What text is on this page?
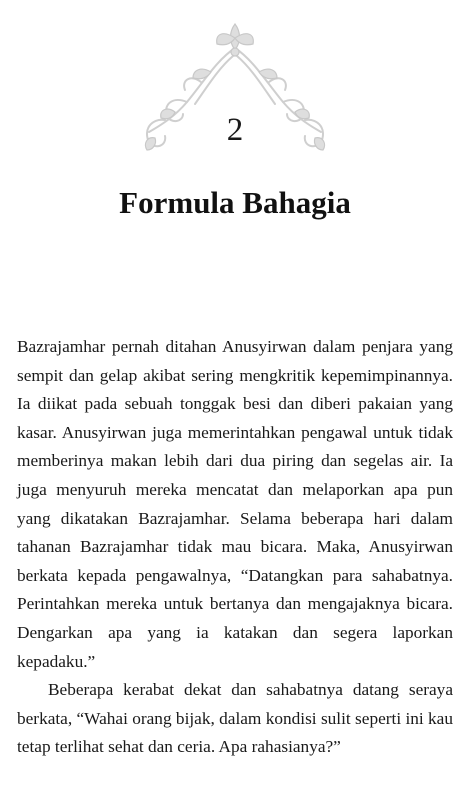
2
Formula Bahagia

Bazrajamhar pernah ditahan Anusyirwan dalam penjara yang sempit dan gelap akibat sering mengkritik kepemimpinannya. Ia diikat pada sebuah tonggak besi dan diberi pakaian yang kasar. Anusyirwan juga memerintahkan pengawal untuk tidak memberinya makan lebih dari dua piring dan segelas air. Ia juga menyuruh mereka mencatat dan melaporkan apa pun yang dikatakan Bazrajamhar. Selama beberapa hari dalam tahanan Bazrajamhar tidak mau bicara. Maka, Anusyirwan berkata kepada pengawalnya, “Datangkan para sahabatnya. Perintahkan mereka untuk bertanya dan mengajaknya bicara. Dengarkan apa yang ia katakan dan segera laporkan kepadaku.”

Beberapa kerabat dekat dan sahabatnya datang seraya berkata, “Wahai orang bijak, dalam kondisi sulit seperti ini kau tetap terlihat sehat dan ceria. Apa rahasianya?”
